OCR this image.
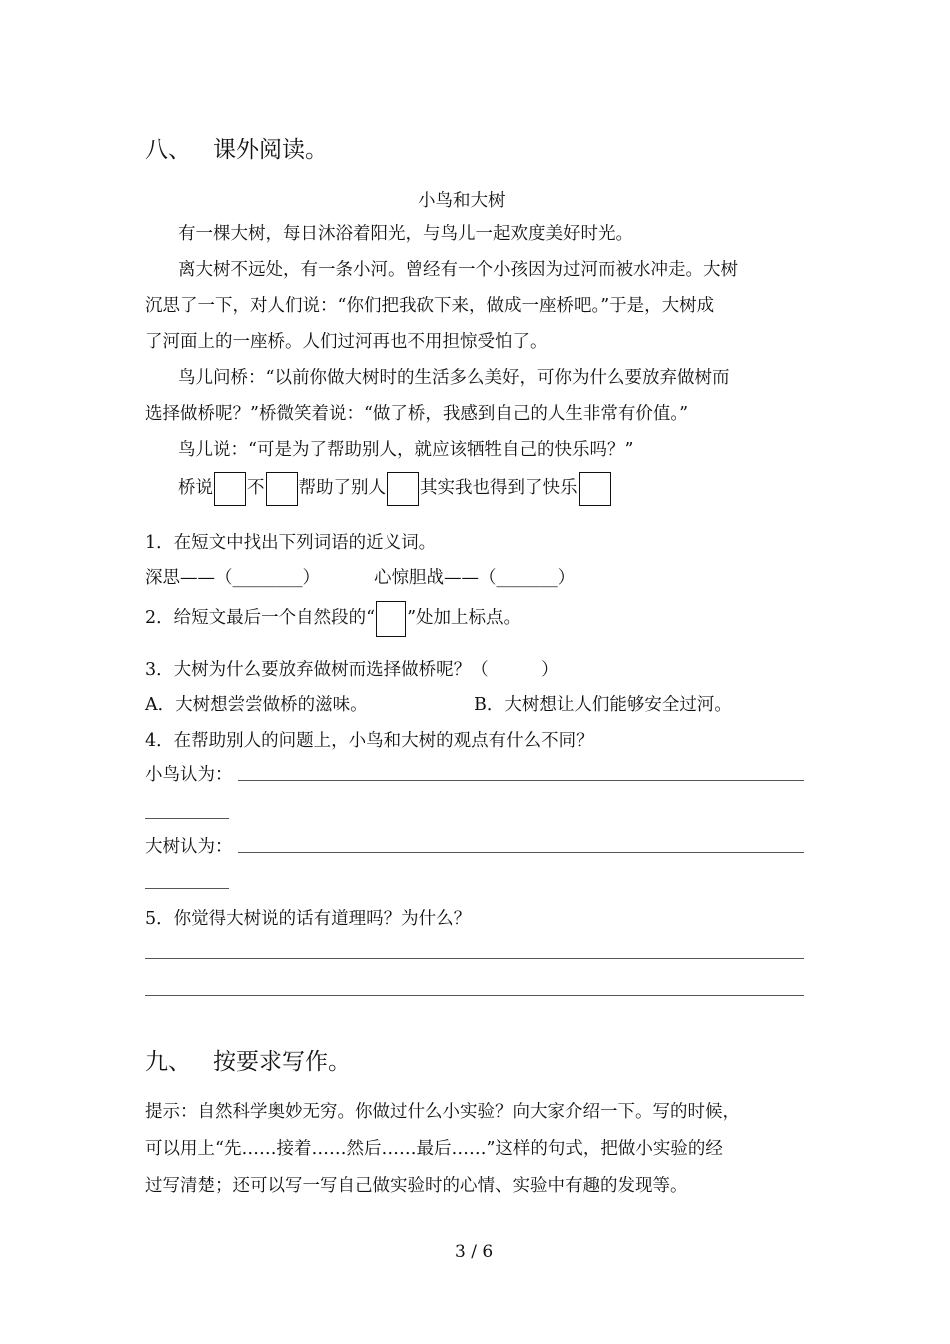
八、 课外阅读。
小鸟和大树
有一棵大树，每日沐浴着阳光，与鸟儿一起欢度美好时光。
离大树不远处，有一条小河。曾经有一个小孩因为过河而被水冲走。大树
沉思了一下，对人们说：“你们把我砍下来，做成一座桥吧。”于是，大树成
了河面上的一座桥。人们过河再也不用担惊受怕了。
鸟儿问桥：“以前你做大树时的生活多么美好，可你为什么要放弃做树而
选择做桥呢？”桥微笑着说：“做了桥，我感到自己的人生非常有价值。”
鸟儿说：“可是为了帮助别人，就应该牺牲自己的快乐吗？”
桥说 不 帮助了别人 其实我也得到了快乐
1．在短文中找出下列词语的近义词。
深思——（________）	心惊胆战——（_______）
2．给短文最后一个自然段的“ ”处加上标点。
3．大树为什么要放弃做树而选择做桥呢？（　　　）
A．大树想尝尝做桥的滋味。	B．大树想让人们能够安全过河。
4．在帮助别人的问题上，小鸟和大树的观点有什么不同？
小鸟认为：
大树认为：
5．你觉得大树说的话有道理吗？为什么？
九、 按要求写作。
提示：自然科学奥妙无穷。你做过什么小实验？向大家介绍一下。写的时候，
可以用上“先……接着……然后……最后……”这样的句式，把做小实验的经
过写清楚；还可以写一写自己做实验时的心情、实验中有趣的发现等。
3 / 6
